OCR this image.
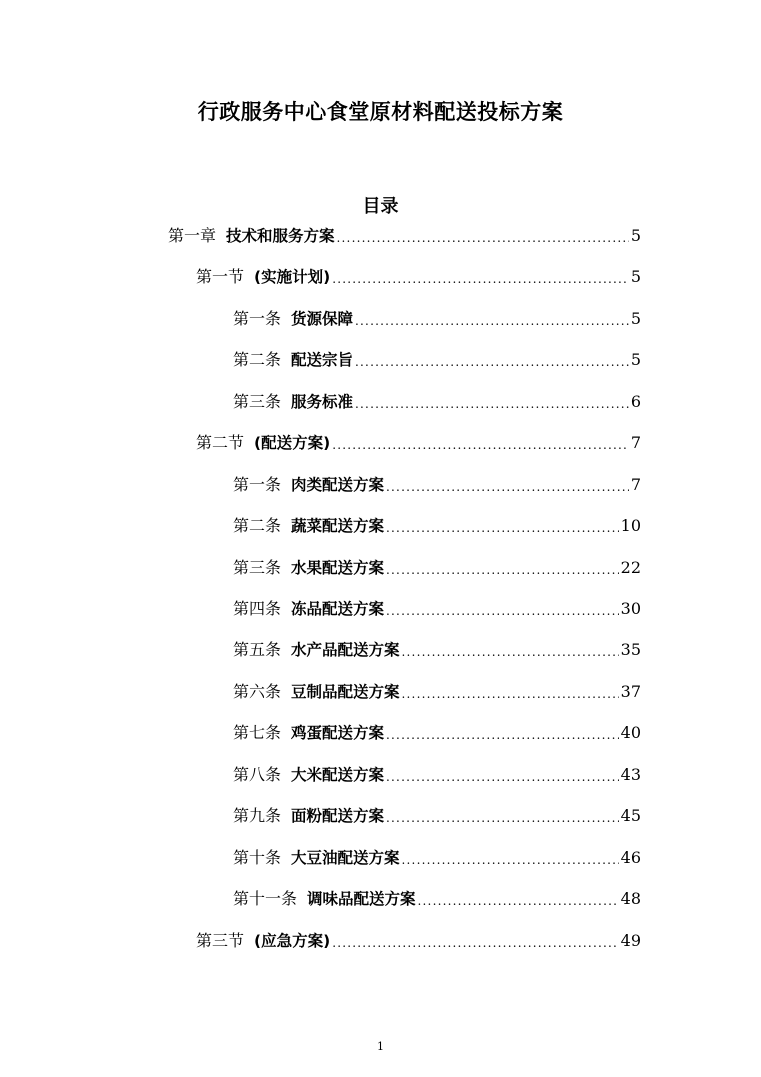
行政服务中心食堂原材料配送投标方案
目录
第一章 技术和服务方案 .....	5
第一节 (实施计划) .....	5
第一条 货源保障 .....	5
第二条 配送宗旨 .....	5
第三条 服务标准 .....	6
第二节 (配送方案) .....	7
第一条 肉类配送方案 .....	7
第二条 蔬菜配送方案 .....	10
第三条 水果配送方案 .....	22
第四条 冻品配送方案 .....	30
第五条 水产品配送方案 .....	35
第六条 豆制品配送方案 .....	37
第七条 鸡蛋配送方案 .....	40
第八条 大米配送方案 .....	43
第九条 面粉配送方案 .....	45
第十条 大豆油配送方案 .....	46
第十一条 调味品配送方案 .....	48
第三节 (应急方案) .....	49
1
